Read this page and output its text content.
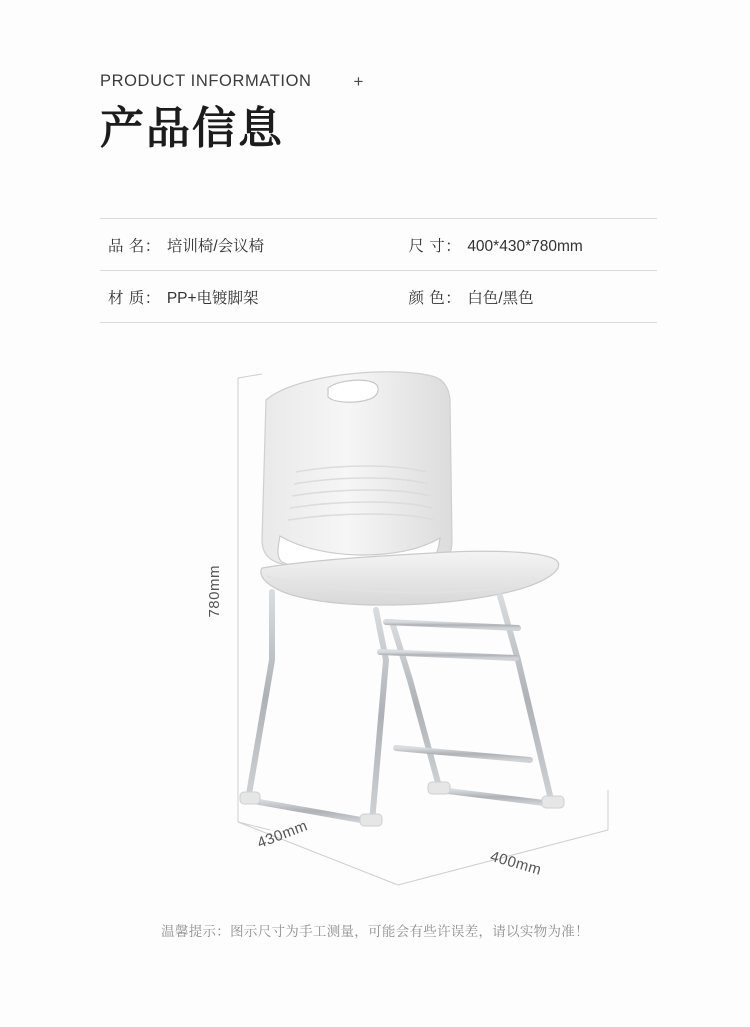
PRODUCT INFORMATION +
产品信息
品 名： 培训椅/会议椅	尺 寸： 400*430*780mm
材 质： PP+电镀脚架	颜 色： 白色/黑色
780mm
430mm
400mm
温馨提示：图示尺寸为手工测量，可能会有些许误差，请以实物为准！
